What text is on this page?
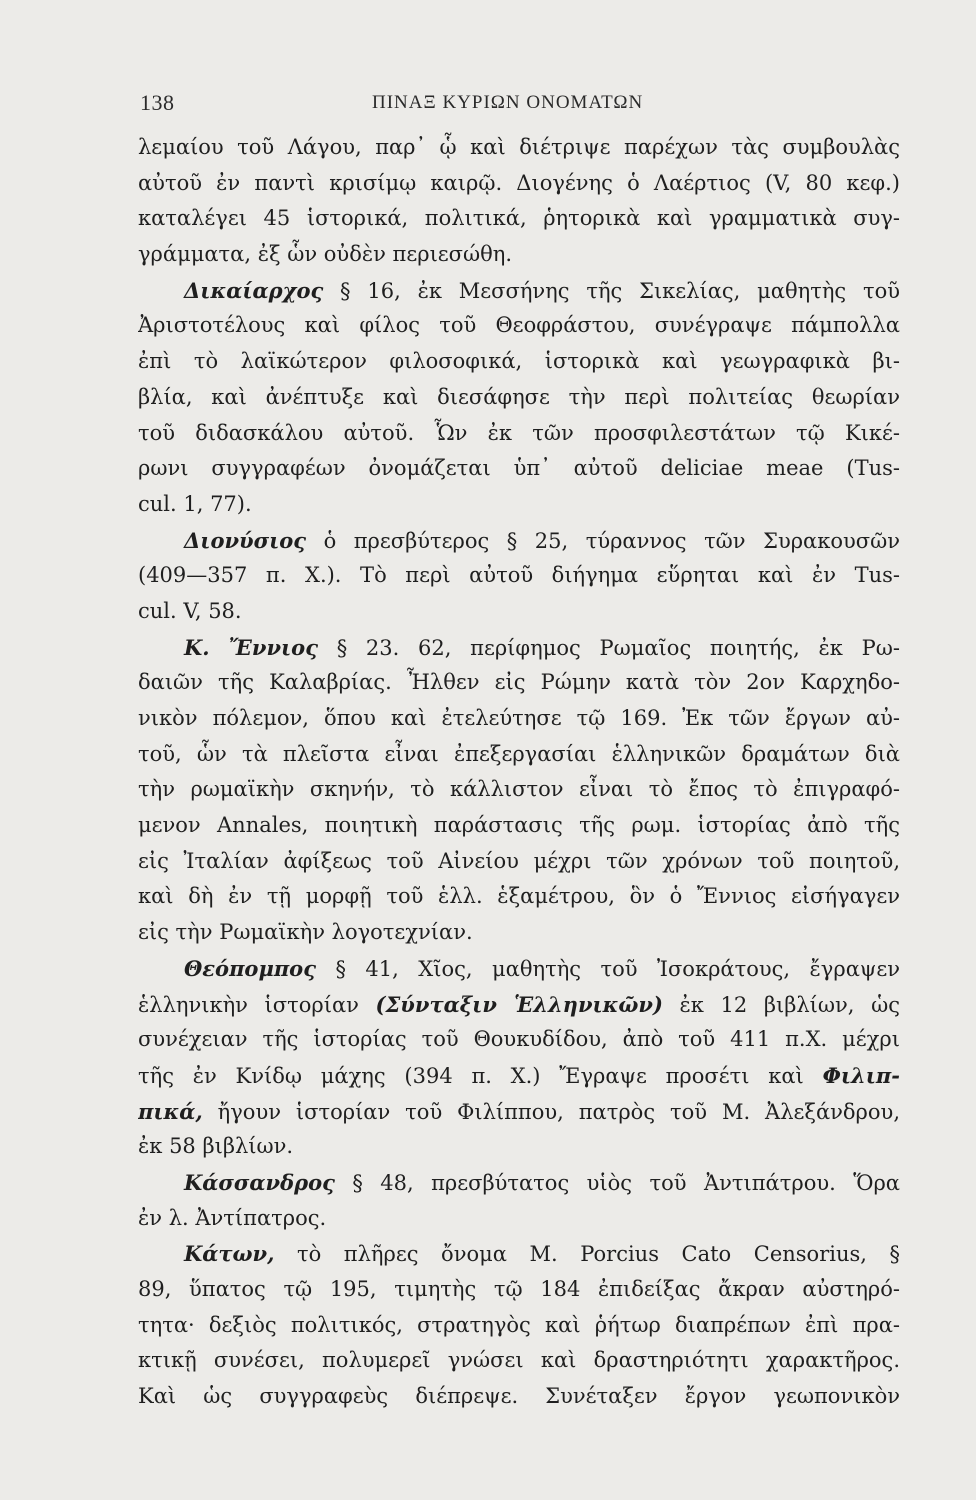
138	ΠΙΝΑΞ ΚΥΡΙΩΝ ΟΝΟΜΑΤΩΝ
λεμαίου τοῦ Λάγου, παρ᾿ ᾧ καὶ διέτριψε παρέχων τὰς συμβουλὰς
αὐτοῦ ἐν παντὶ κρισίμῳ καιρῷ. Διογένης ὁ Λαέρτιος (V, 80 κεφ.)
καταλέγει 45 ἱστορικά, πολιτικά, ῥητορικὰ καὶ γραμματικὰ συγ-
γράμματα, ἐξ ὧν οὐδὲν περιεσώθη.
Δικαίαρχος § 16, ἐκ Μεσσήνης τῆς Σικελίας, μαθητὴς τοῦ
Ἀριστοτέλους καὶ φίλος τοῦ Θεοφράστου, συνέγραψε πάμπολλα
ἐπὶ τὸ λαϊκώτερον φιλοσοφικά, ἱστορικὰ καὶ γεωγραφικὰ βι-
βλία, καὶ ἀνέπτυξε καὶ διεσάφησε τὴν περὶ πολιτείας θεωρίαν
τοῦ διδασκάλου αὐτοῦ. Ὧν ἐκ τῶν προσφιλεστάτων τῷ Κικέ-
ρωνι συγγραφέων ὀνομάζεται ὑπ᾿ αὐτοῦ deliciae meae (Tus-
cul. 1, 77).
Διονύσιος ὁ πρεσβύτερος § 25, τύραννος τῶν Συρακουσῶν
(409—357 π. Χ.). Τὸ περὶ αὐτοῦ διήγημα εὕρηται καὶ ἐν Tus-
cul. V, 58.
Κ. Ἔννιος § 23. 62, περίφημος Ρωμαῖος ποιητής, ἐκ Ρω-
δαιῶν τῆς Καλαβρίας. Ἦλθεν εἰς Ρώμην κατὰ τὸν 2ον Καρχηδο-
νικὸν πόλεμον, ὅπου καὶ ἐτελεύτησε τῷ 169. Ἐκ τῶν ἔργων αὐ-
τοῦ, ὧν τὰ πλεῖστα εἶναι ἐπεξεργασίαι ἑλληνικῶν δραμάτων διὰ
τὴν ρωμαϊκὴν σκηνήν, τὸ κάλλιστον εἶναι τὸ ἔπος τὸ ἐπιγραφό-
μενον Annales, ποιητικὴ παράστασις τῆς ρωμ. ἱστορίας ἀπὸ τῆς
εἰς Ἰταλίαν ἀφίξεως τοῦ Αἰνείου μέχρι τῶν χρόνων τοῦ ποιητοῦ,
καὶ δὴ ἐν τῇ μορφῇ τοῦ ἑλλ. ἑξαμέτρου, ὃν ὁ Ἔννιος εἰσήγαγεν
εἰς τὴν Ρωμαϊκὴν λογοτεχνίαν.
Θεόπομπος § 41, Χῖος, μαθητὴς τοῦ Ἰσοκράτους, ἔγραψεν
ἑλληνικὴν ἱστορίαν (Σύνταξιν Ἑλληνικῶν) ἐκ 12 βιβλίων, ὡς
συνέχειαν τῆς ἱστορίας τοῦ Θουκυδίδου, ἀπὸ τοῦ 411 π.Χ. μέχρι
τῆς ἐν Κνίδῳ μάχης (394 π. Χ.) Ἔγραψε προσέτι καὶ Φιλιπ-
πικά, ἤγουν ἱστορίαν τοῦ Φιλίππου, πατρὸς τοῦ Μ. Ἀλεξάνδρου,
ἐκ 58 βιβλίων.
Κάσσανδρος § 48, πρεσβύτατος υἱὸς τοῦ Ἀντιπάτρου. Ὅρα
ἐν λ. Ἀντίπατρος.
Κάτων, τὸ πλῆρες ὄνομα M. Porcius Cato Censorius, §
89, ὕπατος τῷ 195, τιμητὴς τῷ 184 ἐπιδείξας ἄκραν αὐστηρό-
τητα· δεξιὸς πολιτικός, στρατηγὸς καὶ ῥήτωρ διαπρέπων ἐπὶ πρα-
κτικῇ συνέσει, πολυμερεῖ γνώσει καὶ δραστηριότητι χαρακτῆρος.
Καὶ ὡς συγγραφεὺς διέπρεψε. Συνέταξεν ἔργον γεωπονικὸν
